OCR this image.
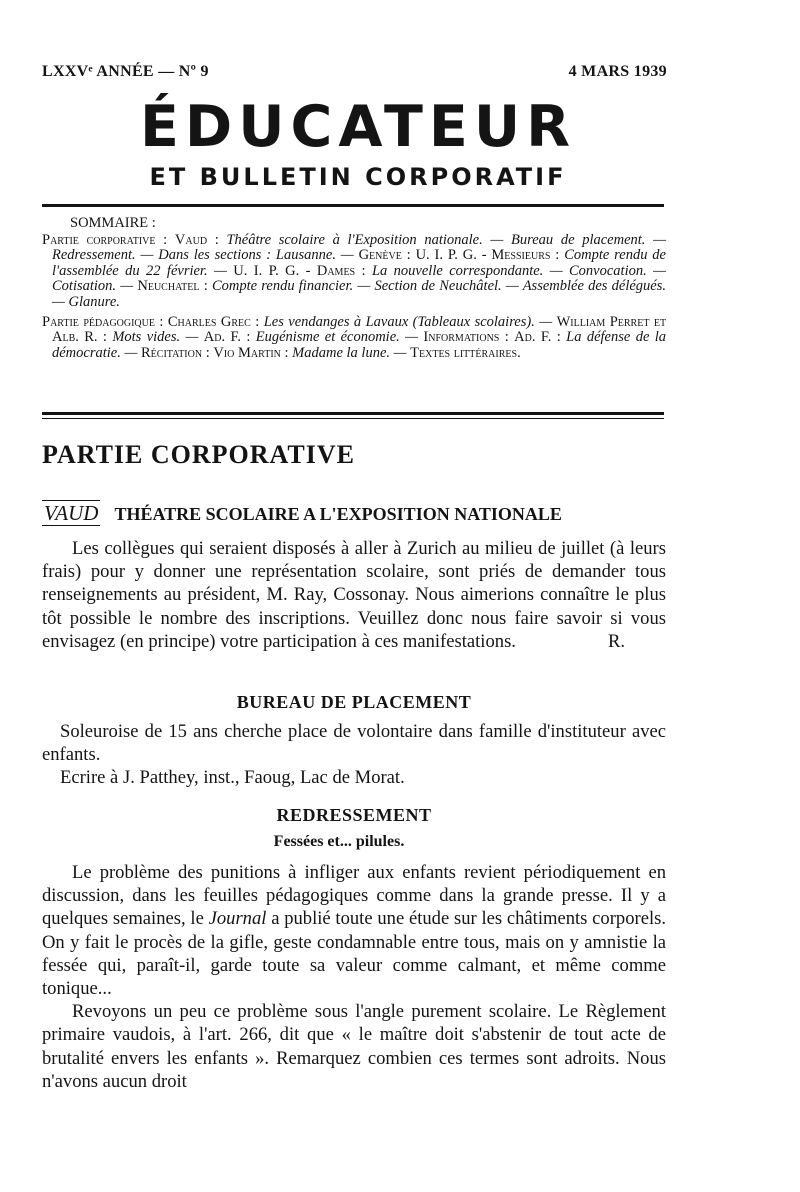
LXXVᵉ ANNÉE — Nº 9	4 MARS 1939
ÉDUCATEUR
ET BULLETIN CORPORATIF
SOMMAIRE :

Partie corporative : Vaud : Théâtre scolaire à l'Exposition nationale. — Bureau de placement. — Redressement. — Dans les sections : Lausanne. — Genève : U. I. P. G. - Messieurs : Compte rendu de l'assemblée du 22 février. — U. I. P. G. - Dames : La nouvelle correspondante. — Convocation. — Cotisation. — Neuchatel : Compte rendu financier. — Section de Neuchâtel. — Assemblée des délégués. — Glanure.

Partie pédagogique : Charles Grec : Les vendanges à Lavaux (Tableaux scolaires). — William Perret et Alb. R. : Mots vides. — Ad. F. : Eugénisme et économie. — Informations : Ad. F. : La défense de la démocratie. — Récitation : Vio Martin : Madame la lune. — Textes littéraires.

PARTIE CORPORATIVE
VAUD THÉATRE SCOLAIRE A L'EXPOSITION NATIONALE

Les collègues qui seraient disposés à aller à Zurich au milieu de juillet (à leurs frais) pour y donner une représentation scolaire, sont priés de demander tous renseignements au président, M. Ray, Cossonay. Nous aimerions connaître le plus tôt possible le nombre des inscriptions. Veuillez donc nous faire savoir si vous envisagez (en principe) votre participation à ces manifestations.	R.

BUREAU DE PLACEMENT

Soleuroise de 15 ans cherche place de volontaire dans famille d'instituteur avec enfants.

Ecrire à J. Patthey, inst., Faoug, Lac de Morat.

REDRESSEMENT
Fessées et... pilules.

Le problème des punitions à infliger aux enfants revient périodiquement en discussion, dans les feuilles pédagogiques comme dans la grande presse. Il y a quelques semaines, le Journal a publié toute une étude sur les châtiments corporels. On y fait le procès de la gifle, geste condamnable entre tous, mais on y amnistie la fessée qui, paraît-il, garde toute sa valeur comme calmant, et même comme tonique...

Revoyons un peu ce problème sous l'angle purement scolaire. Le Règlement primaire vaudois, à l'art. 266, dit que « le maître doit s'abstenir de tout acte de brutalité envers les enfants ». Remarquez combien ces termes sont adroits. Nous n'avons aucun droit
